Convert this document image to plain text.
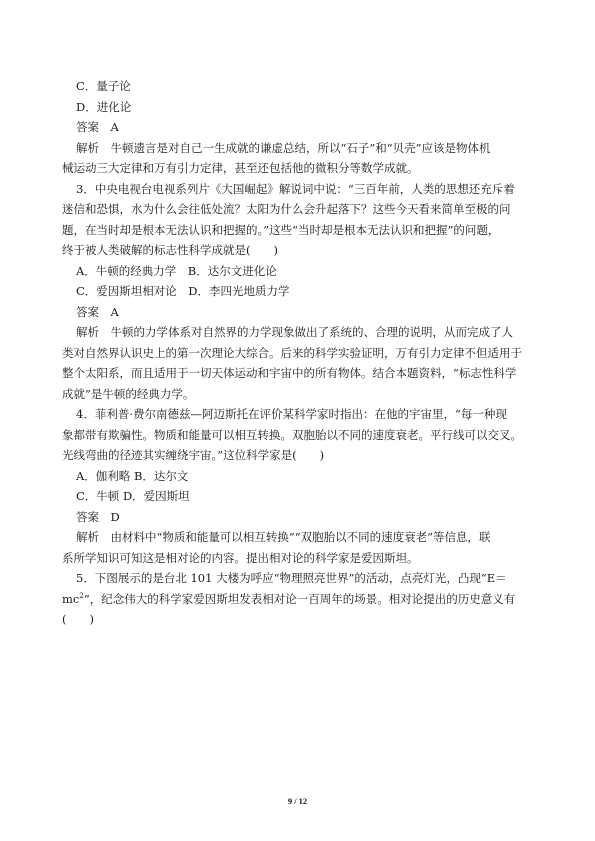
C．量子论
D．进化论
答案　A
解析　牛顿遗言是对自己一生成就的谦虚总结，所以“石子”和“贝壳”应该是物体机
械运动三大定律和万有引力定律，甚至还包括他的微积分等数学成就。
3．中央电视台电视系列片《大国崛起》解说词中说：“三百年前，人类的思想还充斥着
迷信和恐惧，水为什么会往低处流？太阳为什么会升起落下？这些今天看来简单至极的问
题，在当时却是根本无法认识和把握的。”这些“当时却是根本无法认识和把握”的问题，
终于被人类破解的标志性科学成就是(　　)
A．牛顿的经典力学　B．达尔文进化论
C．爱因斯坦相对论　D．李四光地质力学
答案　A
解析　牛顿的力学体系对自然界的力学现象做出了系统的、合理的说明，从而完成了人
类对自然界认识史上的第一次理论大综合。后来的科学实验证明，万有引力定律不但适用于
整个太阳系，而且适用于一切天体运动和宇宙中的所有物体。结合本题资料，“标志性科学
成就”是牛顿的经典力学。
4．菲利普·费尔南德兹—阿迈斯托在评价某科学家时指出：在他的宇宙里，“每一种现
象都带有欺骗性。物质和能量可以相互转换。双胞胎以不同的速度衰老。平行线可以交叉。
光线弯曲的径迹其实缠绕宇宙。”这位科学家是(　　)
A．伽利略 B．达尔文
C．牛顿 D．爱因斯坦
答案　D
解析　由材料中“物质和能量可以相互转换”“双胞胎以不同的速度衰老”等信息，联
系所学知识可知这是相对论的内容。提出相对论的科学家是爱因斯坦。
5．下图展示的是台北 101 大楼为呼应“物理照亮世界”的活动，点亮灯光，凸现“E＝
$mc^2$”，纪念伟大的科学家爱因斯坦发表相对论一百周年的场景。相对论提出的历史意义有
(　　)
9 / 12
